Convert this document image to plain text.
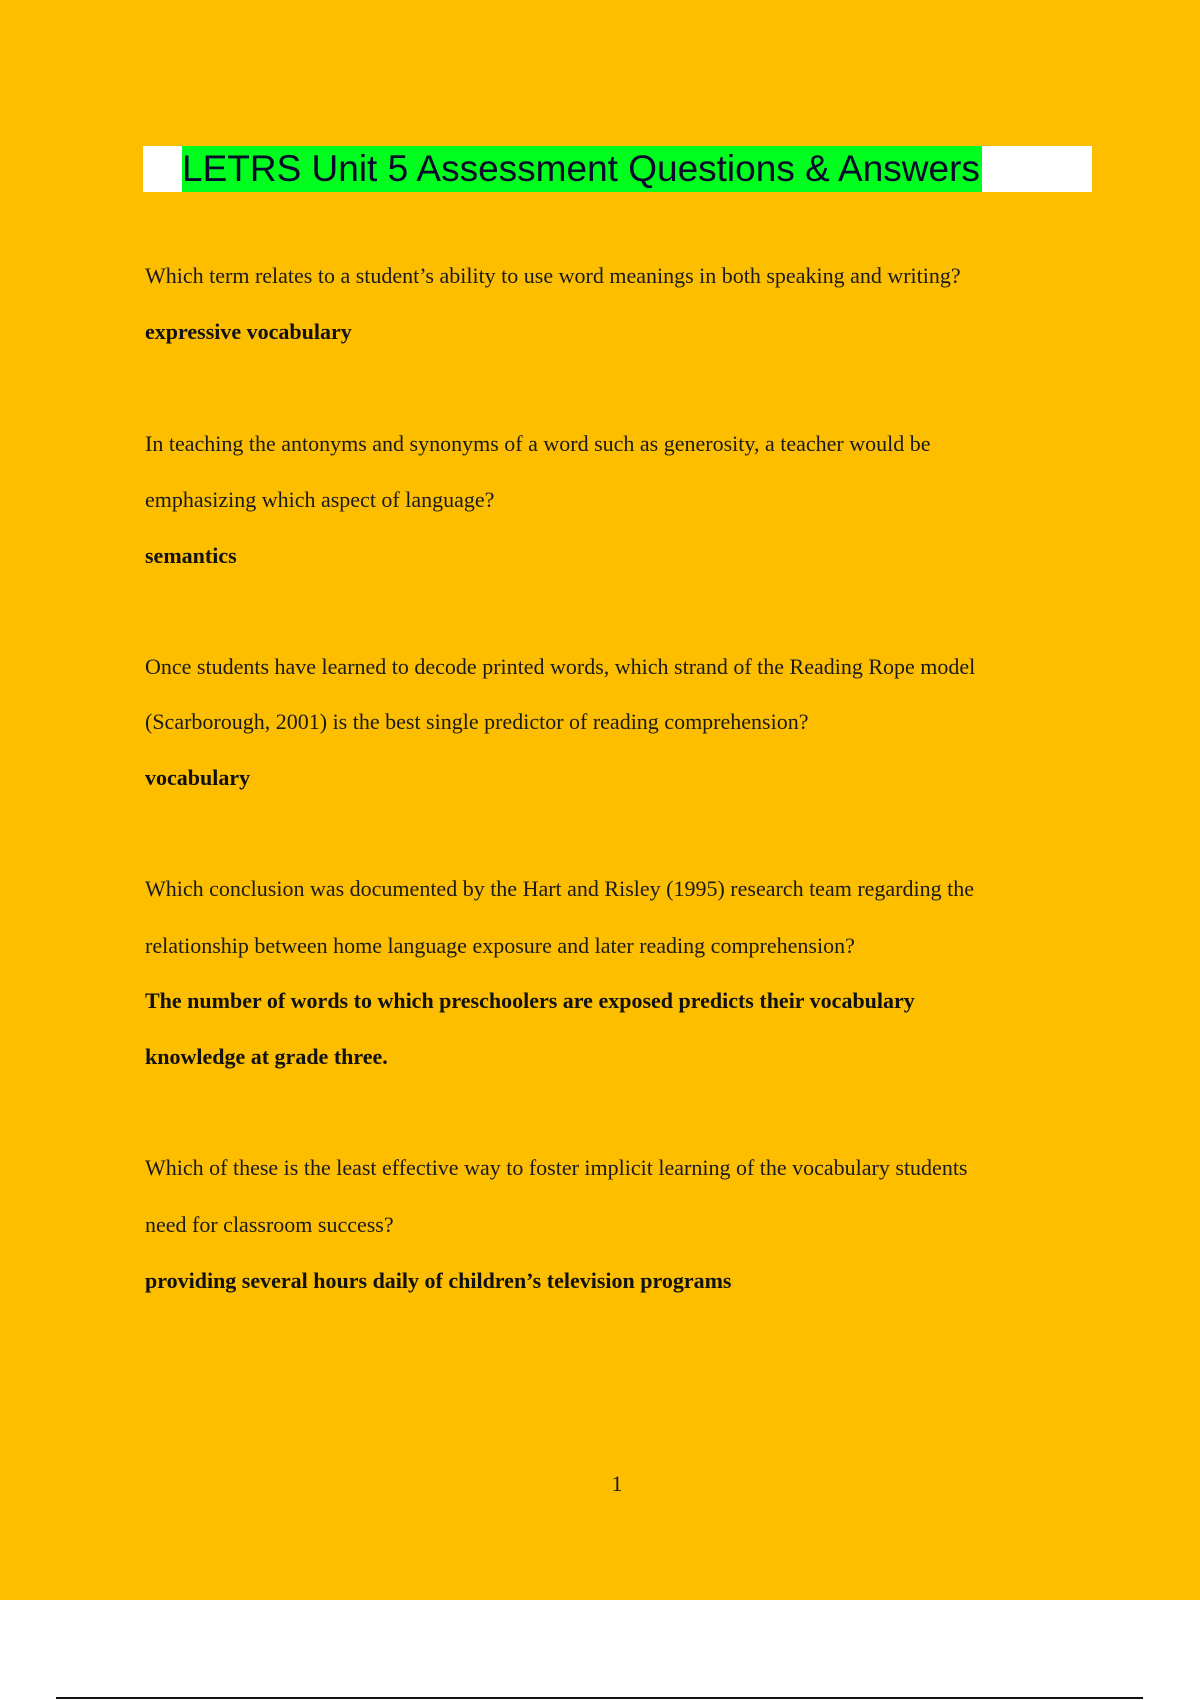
LETRS Unit 5 Assessment Questions & Answers
Which term relates to a student’s ability to use word meanings in both speaking and writing?
expressive vocabulary
In teaching the antonyms and synonyms of a word such as generosity, a teacher would be
emphasizing which aspect of language?
semantics
Once students have learned to decode printed words, which strand of the Reading Rope model
(Scarborough, 2001) is the best single predictor of reading comprehension?
vocabulary
Which conclusion was documented by the Hart and Risley (1995) research team regarding the
relationship between home language exposure and later reading comprehension?
The number of words to which preschoolers are exposed predicts their vocabulary
knowledge at grade three.
Which of these is the least effective way to foster implicit learning of the vocabulary students
need for classroom success?
providing several hours daily of children’s television programs
1
